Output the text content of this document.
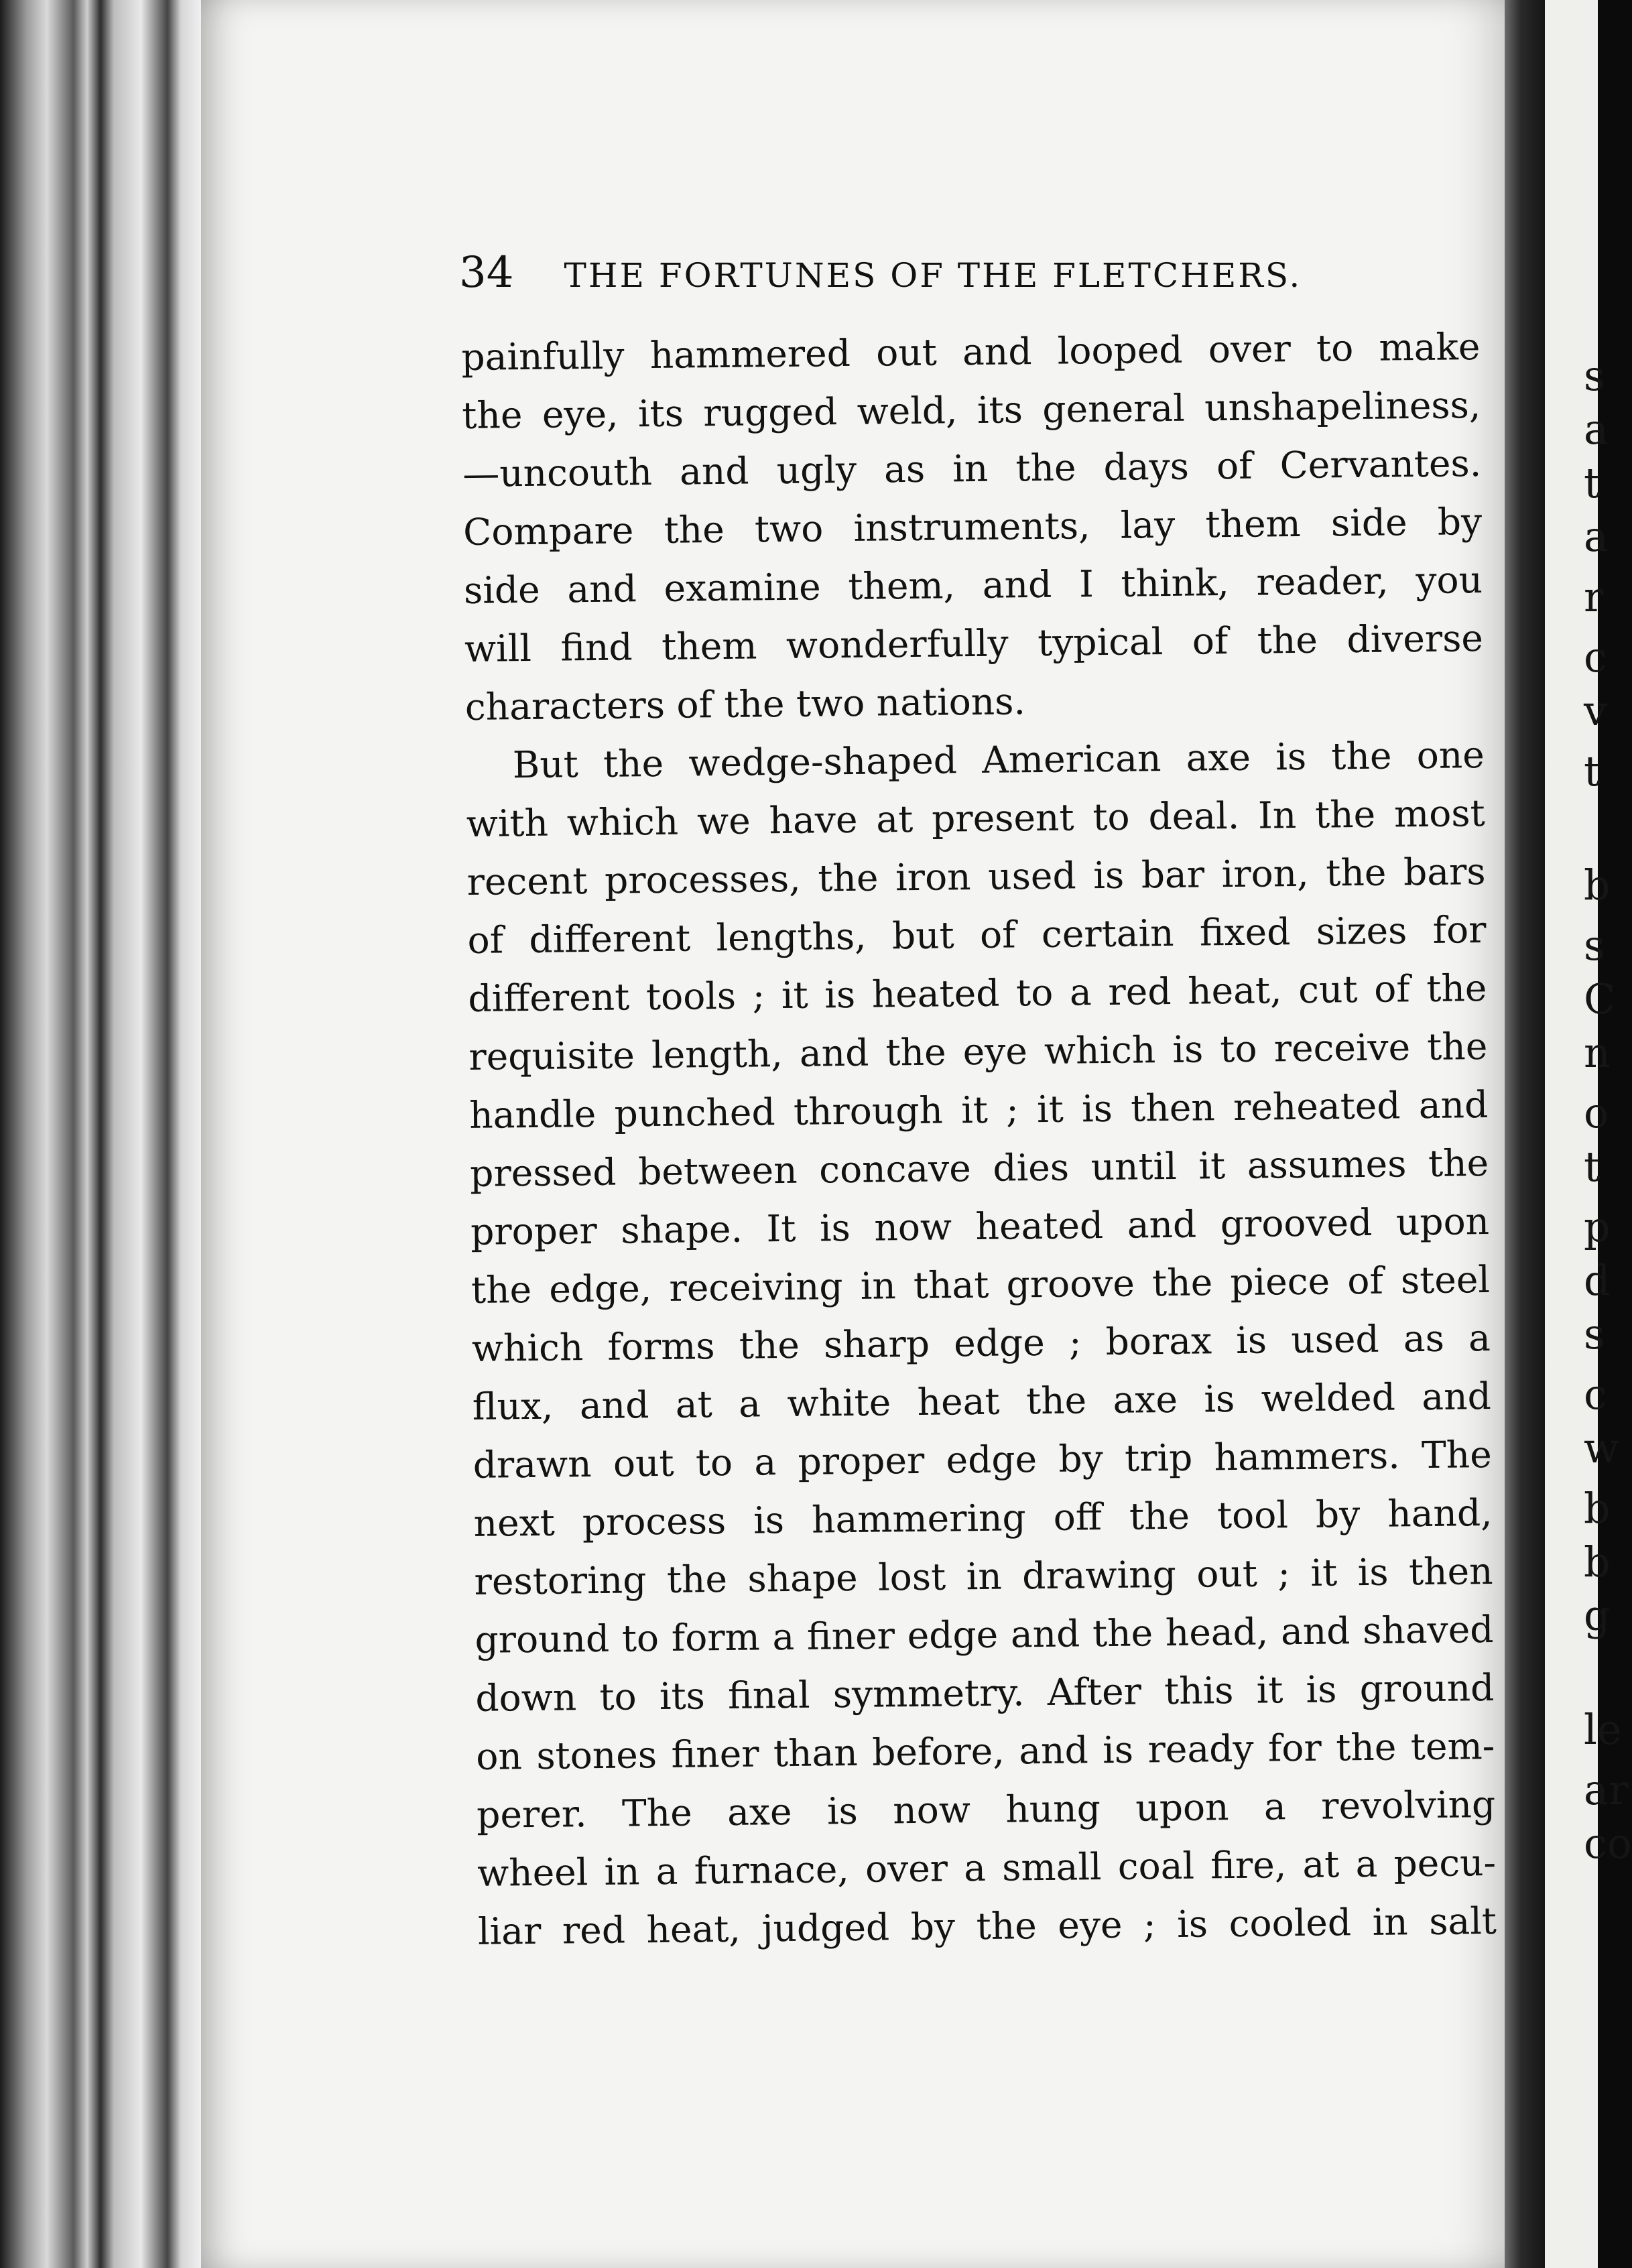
34 THE FORTUNES OF THE FLETCHERS.
painfully hammered out and looped over to make
the eye, its rugged weld, its general unshapeliness,
—uncouth and ugly as in the days of Cervantes.
Compare the two instruments, lay them side by
side and examine them, and I think, reader, you
will find them wonderfully typical of the diverse
characters of the two nations.
But the wedge-shaped American axe is the one
with which we have at present to deal. In the most
recent processes, the iron used is bar iron, the bars
of different lengths, but of certain fixed sizes for
different tools ; it is heated to a red heat, cut of the
requisite length, and the eye which is to receive the
handle punched through it ; it is then reheated and
pressed between concave dies until it assumes the
proper shape. It is now heated and grooved upon
the edge, receiving in that groove the piece of steel
which forms the sharp edge ; borax is used as a
flux, and at a white heat the axe is welded and
drawn out to a proper edge by trip hammers. The
next process is hammering off the tool by hand,
restoring the shape lost in drawing out ; it is then
ground to form a finer edge and the head, and shaved
down to its final symmetry. After this it is ground
on stones finer than before, and is ready for the tem-
perer. The axe is now hung upon a revolving
wheel in a furnace, over a small coal fire, at a pecu-
liar red heat, judged by the eye ; is cooled in salt
s
a
t
a
r
c
v
t
b
s
C
n
o
t
p
d
s
c
w
b
b
g
le
ar
co
